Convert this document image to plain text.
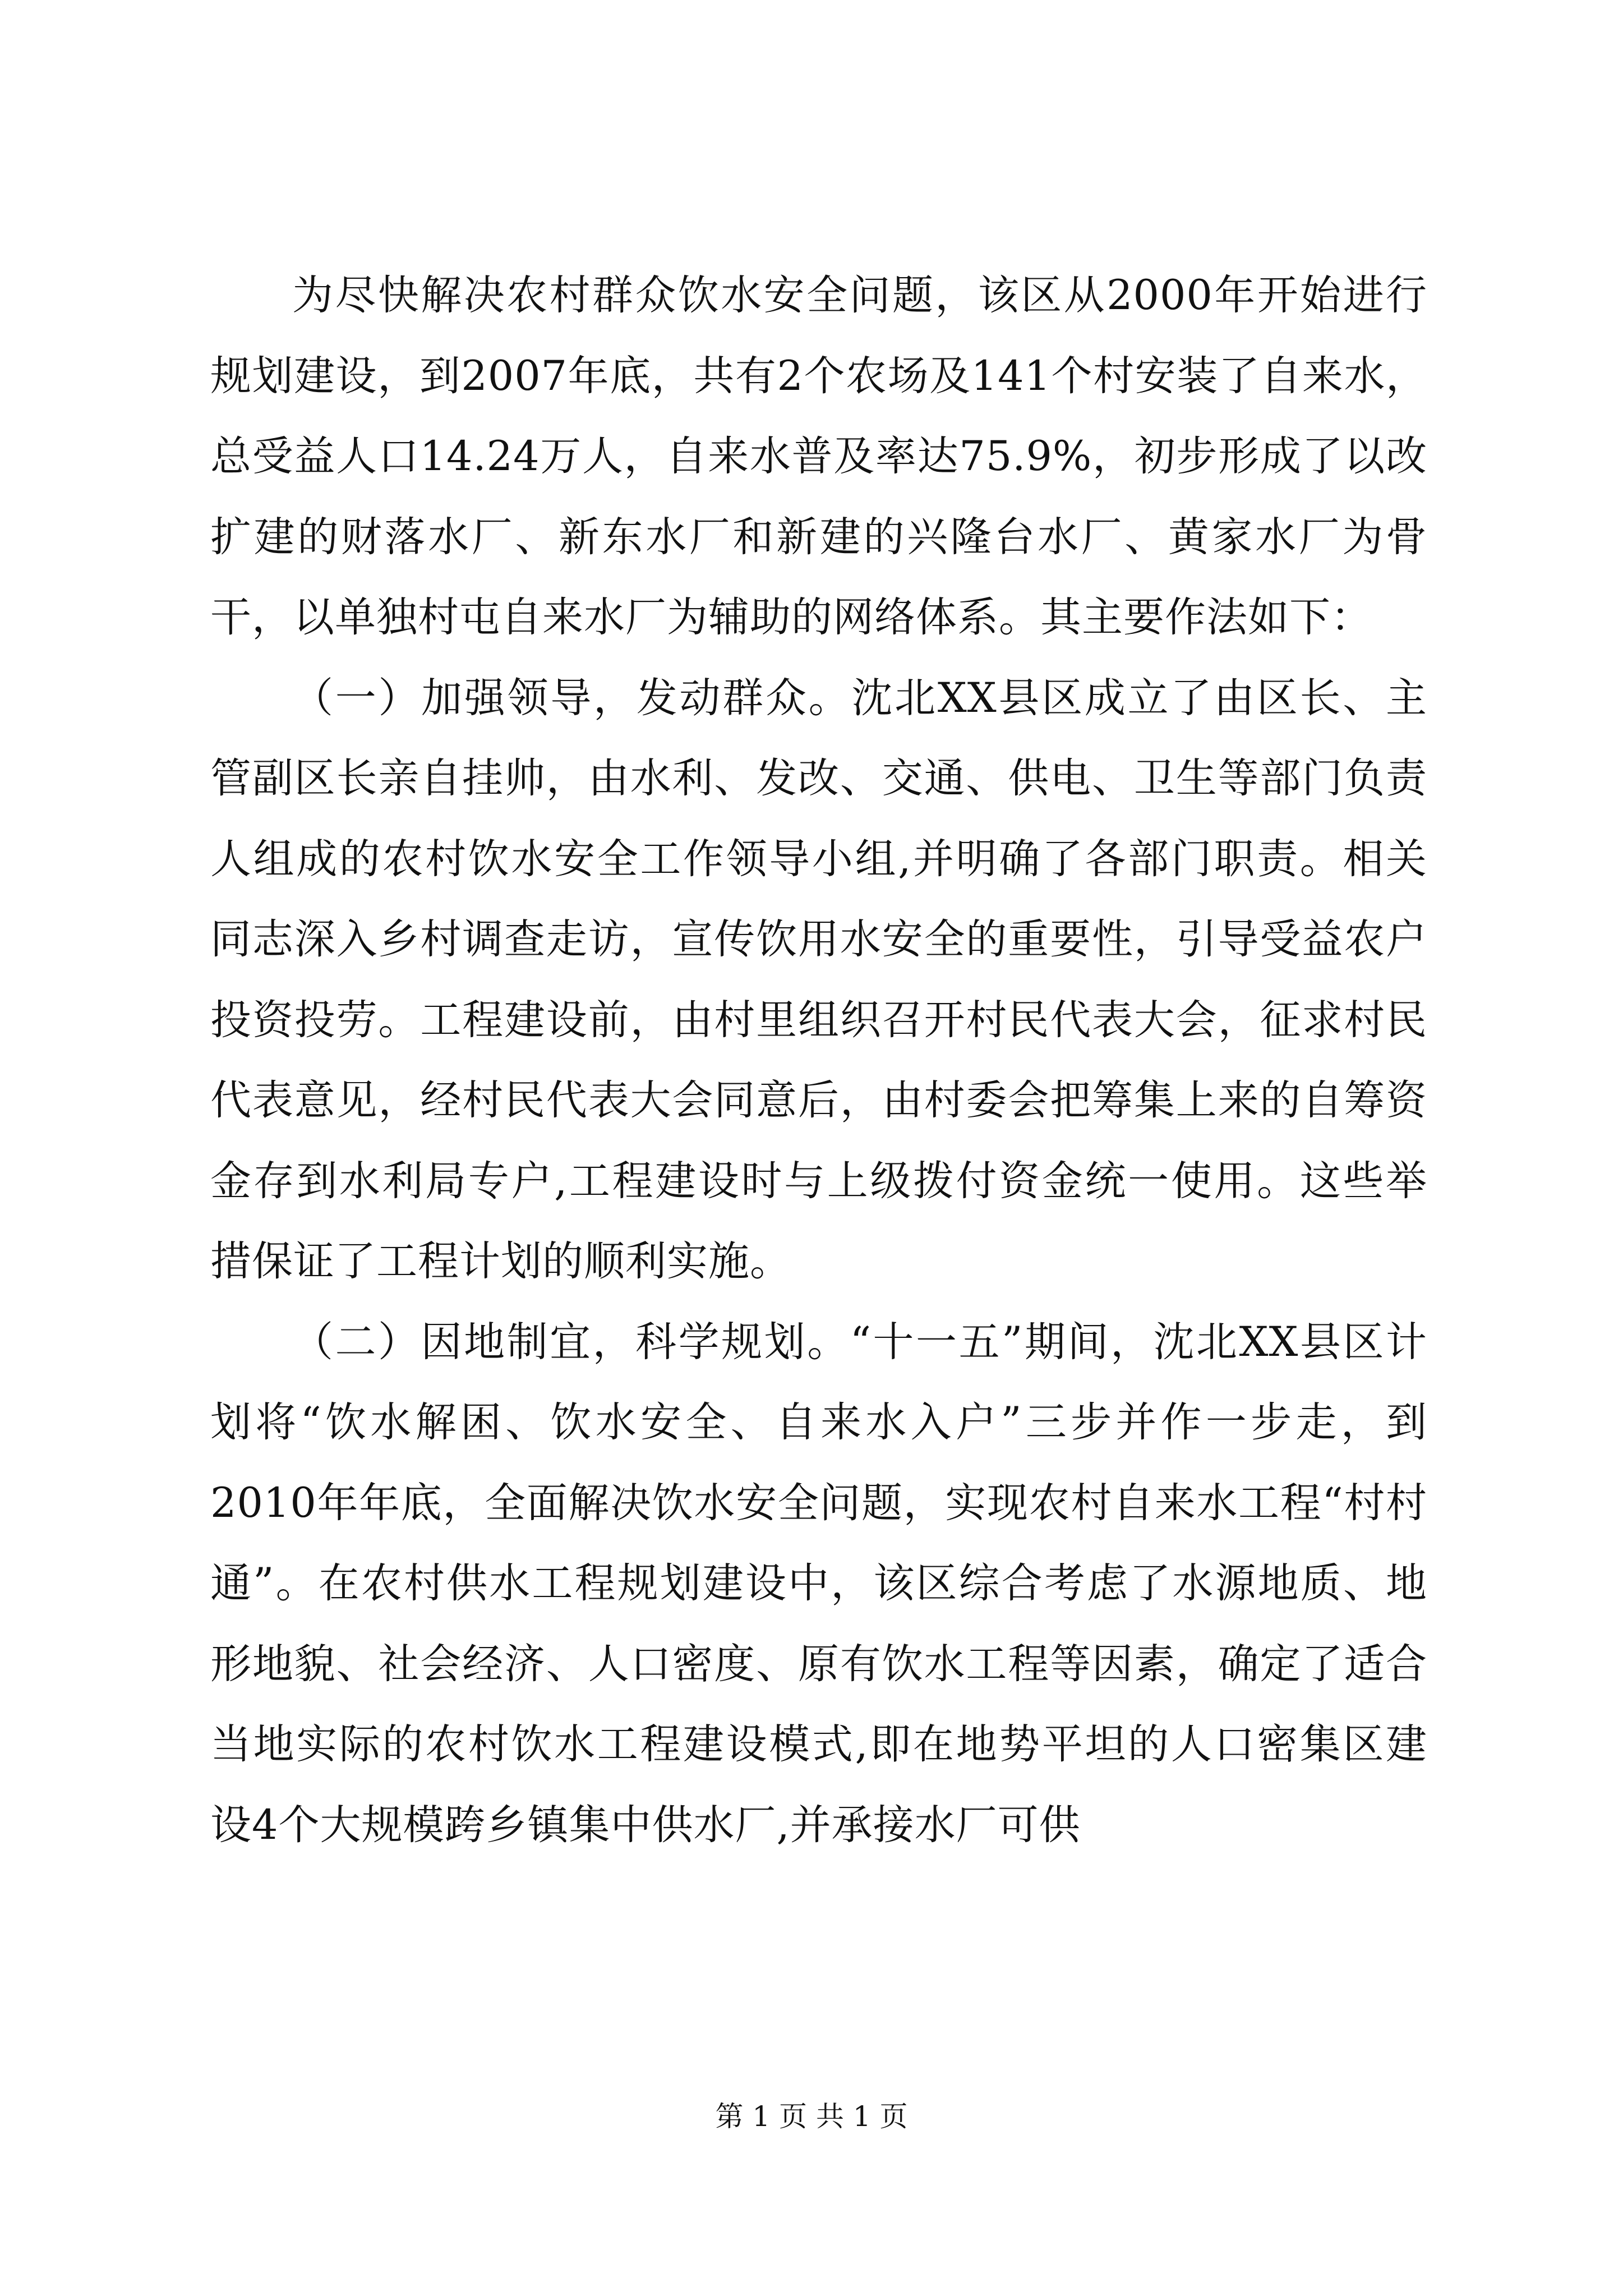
为尽快解决农村群众饮水安全问题，该区从2000年开始进行规划建设，到2007年底，共有2个农场及141个村安装了自来水，总受益人口14.24万人，自来水普及率达75.9%，初步形成了以改扩建的财落水厂、新东水厂和新建的兴隆台水厂、黄家水厂为骨干，以单独村屯自来水厂为辅助的网络体系。其主要作法如下：

（一）加强领导，发动群众。沈北XX县区成立了由区长、主管副区长亲自挂帅，由水利、发改、交通、供电、卫生等部门负责人组成的农村饮水安全工作领导小组,并明确了各部门职责。相关同志深入乡村调查走访，宣传饮用水安全的重要性，引导受益农户投资投劳。工程建设前，由村里组织召开村民代表大会，征求村民代表意见，经村民代表大会同意后，由村委会把筹集上来的自筹资金存到水利局专户,工程建设时与上级拨付资金统一使用。这些举措保证了工程计划的顺利实施。

（二）因地制宜，科学规划。“十一五”期间，沈北XX县区计划将“饮水解困、饮水安全、自来水入户”三步并作一步走，到2010年年底，全面解决饮水安全问题，实现农村自来水工程“村村通”。在农村供水工程规划建设中，该区综合考虑了水源地质、地形地貌、社会经济、人口密度、原有饮水工程等因素，确定了适合当地实际的农村饮水工程建设模式,即在地势平坦的人口密集区建设4个大规模跨乡镇集中供水厂,并承接水厂可供

第 1 页 共 1 页
